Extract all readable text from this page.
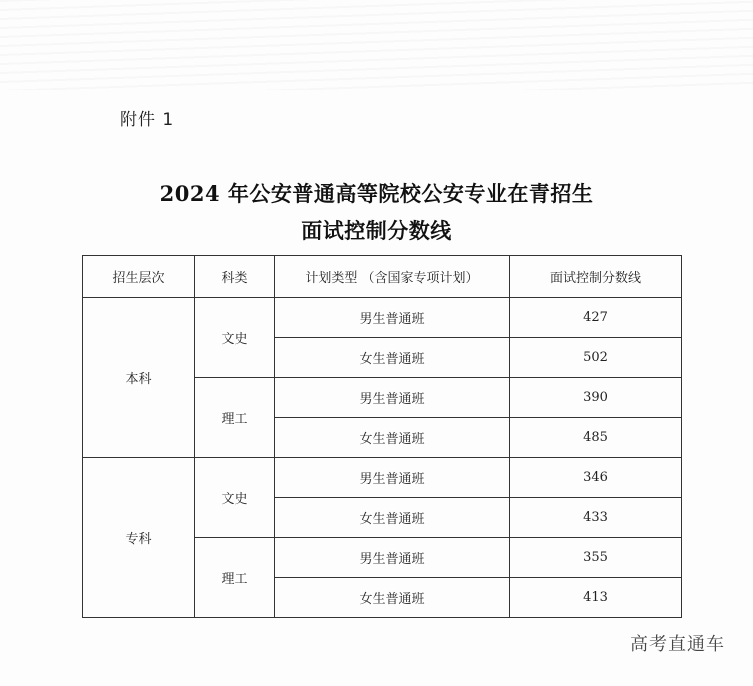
附件 1
2024 年公安普通高等院校公安专业在青招生
面试控制分数线
招生层次	科类	计划类型 （含国家专项计划）	面试控制分数线
本科	文史	男生普通班	427
		女生普通班	502
	理工	男生普通班	390
		女生普通班	485
专科	文史	男生普通班	346
		女生普通班	433
	理工	男生普通班	355
		女生普通班	413
高考直通车
